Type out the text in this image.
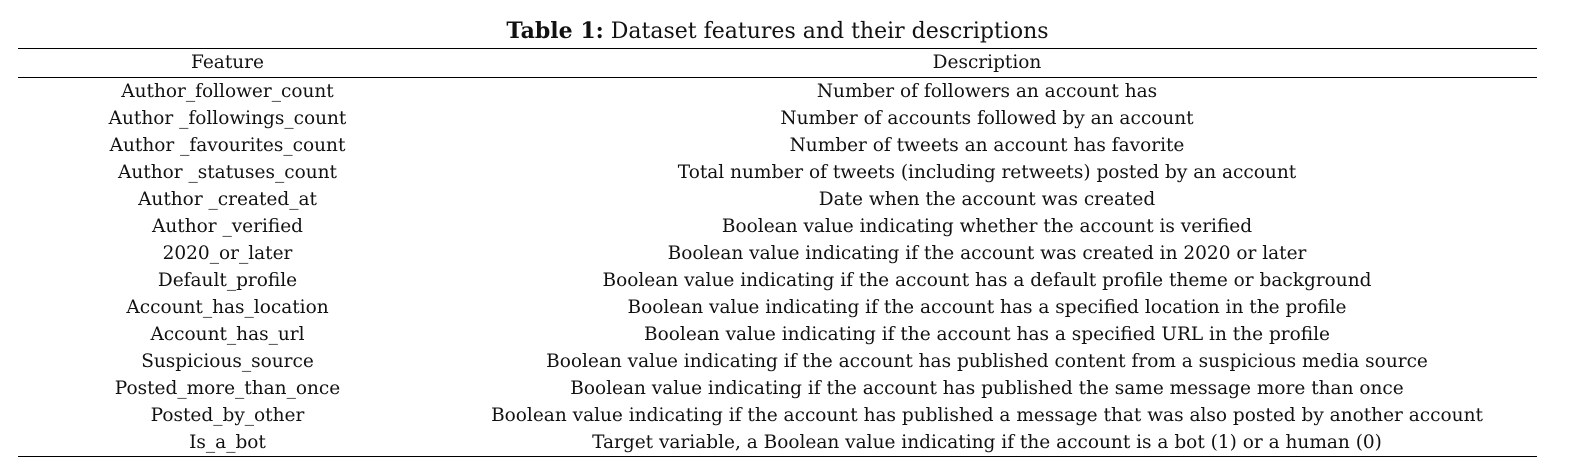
Table 1: Dataset features and their descriptions
Feature	Description
Author_follower_count	Number of followers an account has
Author _followings_count	Number of accounts followed by an account
Author _favourites_count	Number of tweets an account has favorite
Author _statuses_count	Total number of tweets (including retweets) posted by an account
Author _created_at	Date when the account was created
Author _verified	Boolean value indicating whether the account is verified
2020_or_later	Boolean value indicating if the account was created in 2020 or later
Default_profile	Boolean value indicating if the account has a default profile theme or background
Account_has_location	Boolean value indicating if the account has a specified location in the profile
Account_has_url	Boolean value indicating if the account has a specified URL in the profile
Suspicious_source	Boolean value indicating if the account has published content from a suspicious media source
Posted_more_than_once	Boolean value indicating if the account has published the same message more than once
Posted_by_other	Boolean value indicating if the account has published a message that was also posted by another account
Is_a_bot	Target variable, a Boolean value indicating if the account is a bot (1) or a human (0)
